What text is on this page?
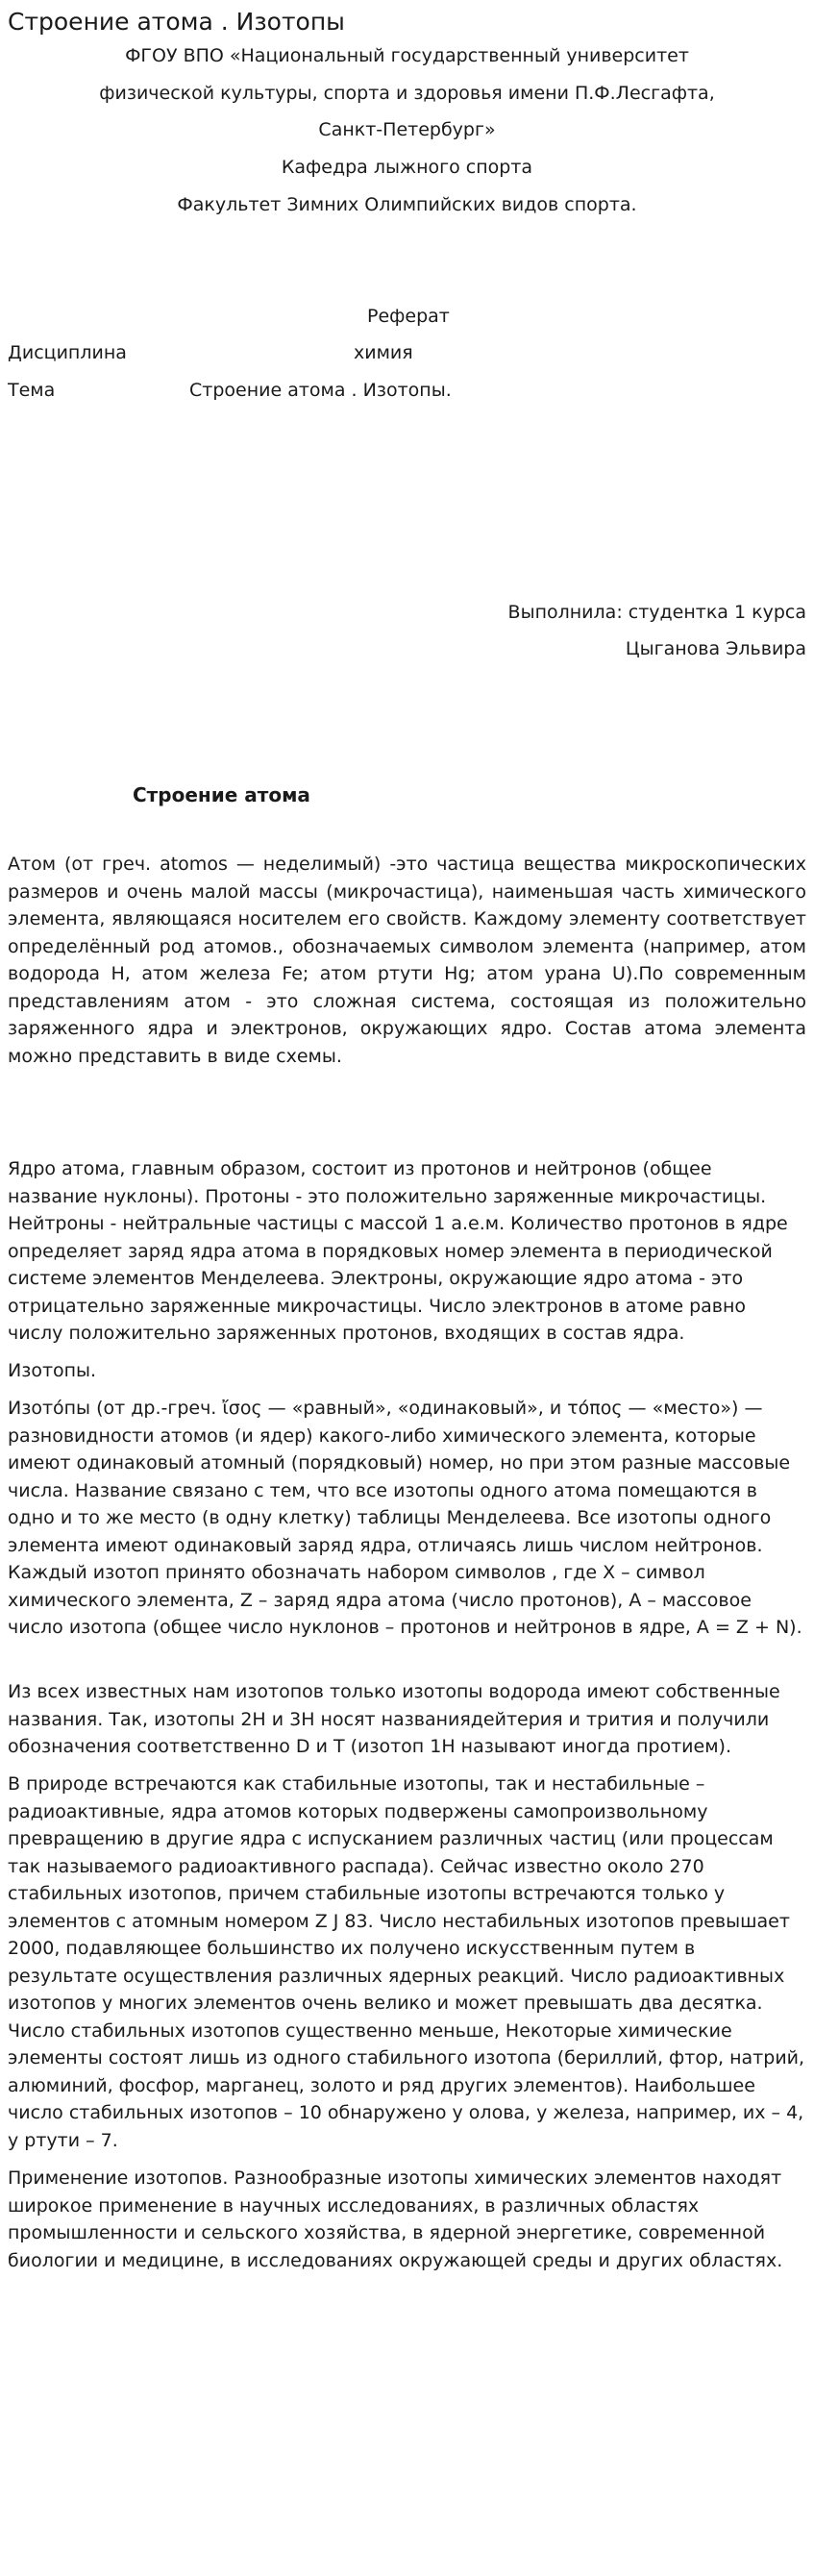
Строение атома . Изотопы
ФГОУ ВПО «Национальный государственный университет
физической культуры, спорта и здоровья имени П.Ф.Лесгафта,
Санкт-Петербург»
Кафедра лыжного спорта
Факультет Зимних Олимпийских видов спорта.
Реферат
Дисциплина	химия
Тема	Строение атома . Изотопы.
Выполнила: студентка 1 курса
Цыганова Эльвира
Строение атома
Атом (от греч. atomos — неделимый) -это частица вещества микроскопических размеров и очень малой массы (микрочастица), наименьшая часть химического элемента, являющаяся носителем его свойств. Каждому элементу соответствует определённый род атомов., обозначаемых символом элемента (например, атом водорода H, атом железа Fe; атом ртути Hg; атом урана U).По современным представлениям атом - это сложная система, состоящая из положительно заряженного ядра и электронов, окружающих ядро. Состав атома элемента можно представить в виде схемы.
Ядро атома, главным образом, состоит из протонов и нейтронов (общее название нуклоны). Протоны - это положительно заряженные микрочастицы. Нейтроны - нейтральные частицы с массой 1 а.е.м. Количество протонов в ядре определяет заряд ядра атома в порядковых номер элемента в периодической системе элементов Менделеева. Электроны, окружающие ядро атома - это отрицательно заряженные микрочастицы. Число электронов в атоме равно числу положительно заряженных протонов, входящих в состав ядра.
Изотопы.
Изото́пы (от др.-греч. ἴσος — «равный», «одинаковый», и τόπος — «место») — разновидности атомов (и ядер) какого-либо химического элемента, которые имеют одинаковый атомный (порядковый) номер, но при этом разные массовые числа. Название связано с тем, что все изотопы одного атома помещаются в одно и то же место (в одну клетку) таблицы Менделеева. Все изотопы одного элемента имеют одинаковый заряд ядра, отличаясь лишь числом нейтронов. Каждый изотоп принято обозначать набором символов , где X – символ химического элемента, Z – заряд ядра атома (число протонов), A – массовое число изотопа (общее число нуклонов – протонов и нейтронов в ядре, A = Z + N).
Из всех известных нам изотопов только изотопы водорода имеют собственные названия. Так, изотопы 2H и 3H носят названиядейтерия и трития и получили обозначения соответственно D и T (изотоп 1H называют иногда протием).
В природе встречаются как стабильные изотопы, так и нестабильные – радиоактивные, ядра атомов которых подвержены самопроизвольному превращению в другие ядра с испусканием различных частиц (или процессам так называемого радиоактивного распада). Сейчас известно около 270 стабильных изотопов, причем стабильные изотопы встречаются только у элементов с атомным номером Z Ј 83. Число нестабильных изотопов превышает 2000, подавляющее большинство их получено искусственным путем в результате осуществления различных ядерных реакций. Число радиоактивных изотопов у многих элементов очень велико и может превышать два десятка. Число стабильных изотопов существенно меньше, Некоторые химические элементы состоят лишь из одного стабильного изотопа (бериллий, фтор, натрий, алюминий, фосфор, марганец, золото и ряд других элементов). Наибольшее число стабильных изотопов – 10 обнаружено у олова, у железа, например, их – 4, у ртути – 7.
Применение изотопов. Разнообразные изотопы химических элементов находят широкое применение в научных исследованиях, в различных областях промышленности и сельского хозяйства, в ядерной энергетике, современной биологии и медицине, в исследованиях окружающей среды и других областях.
